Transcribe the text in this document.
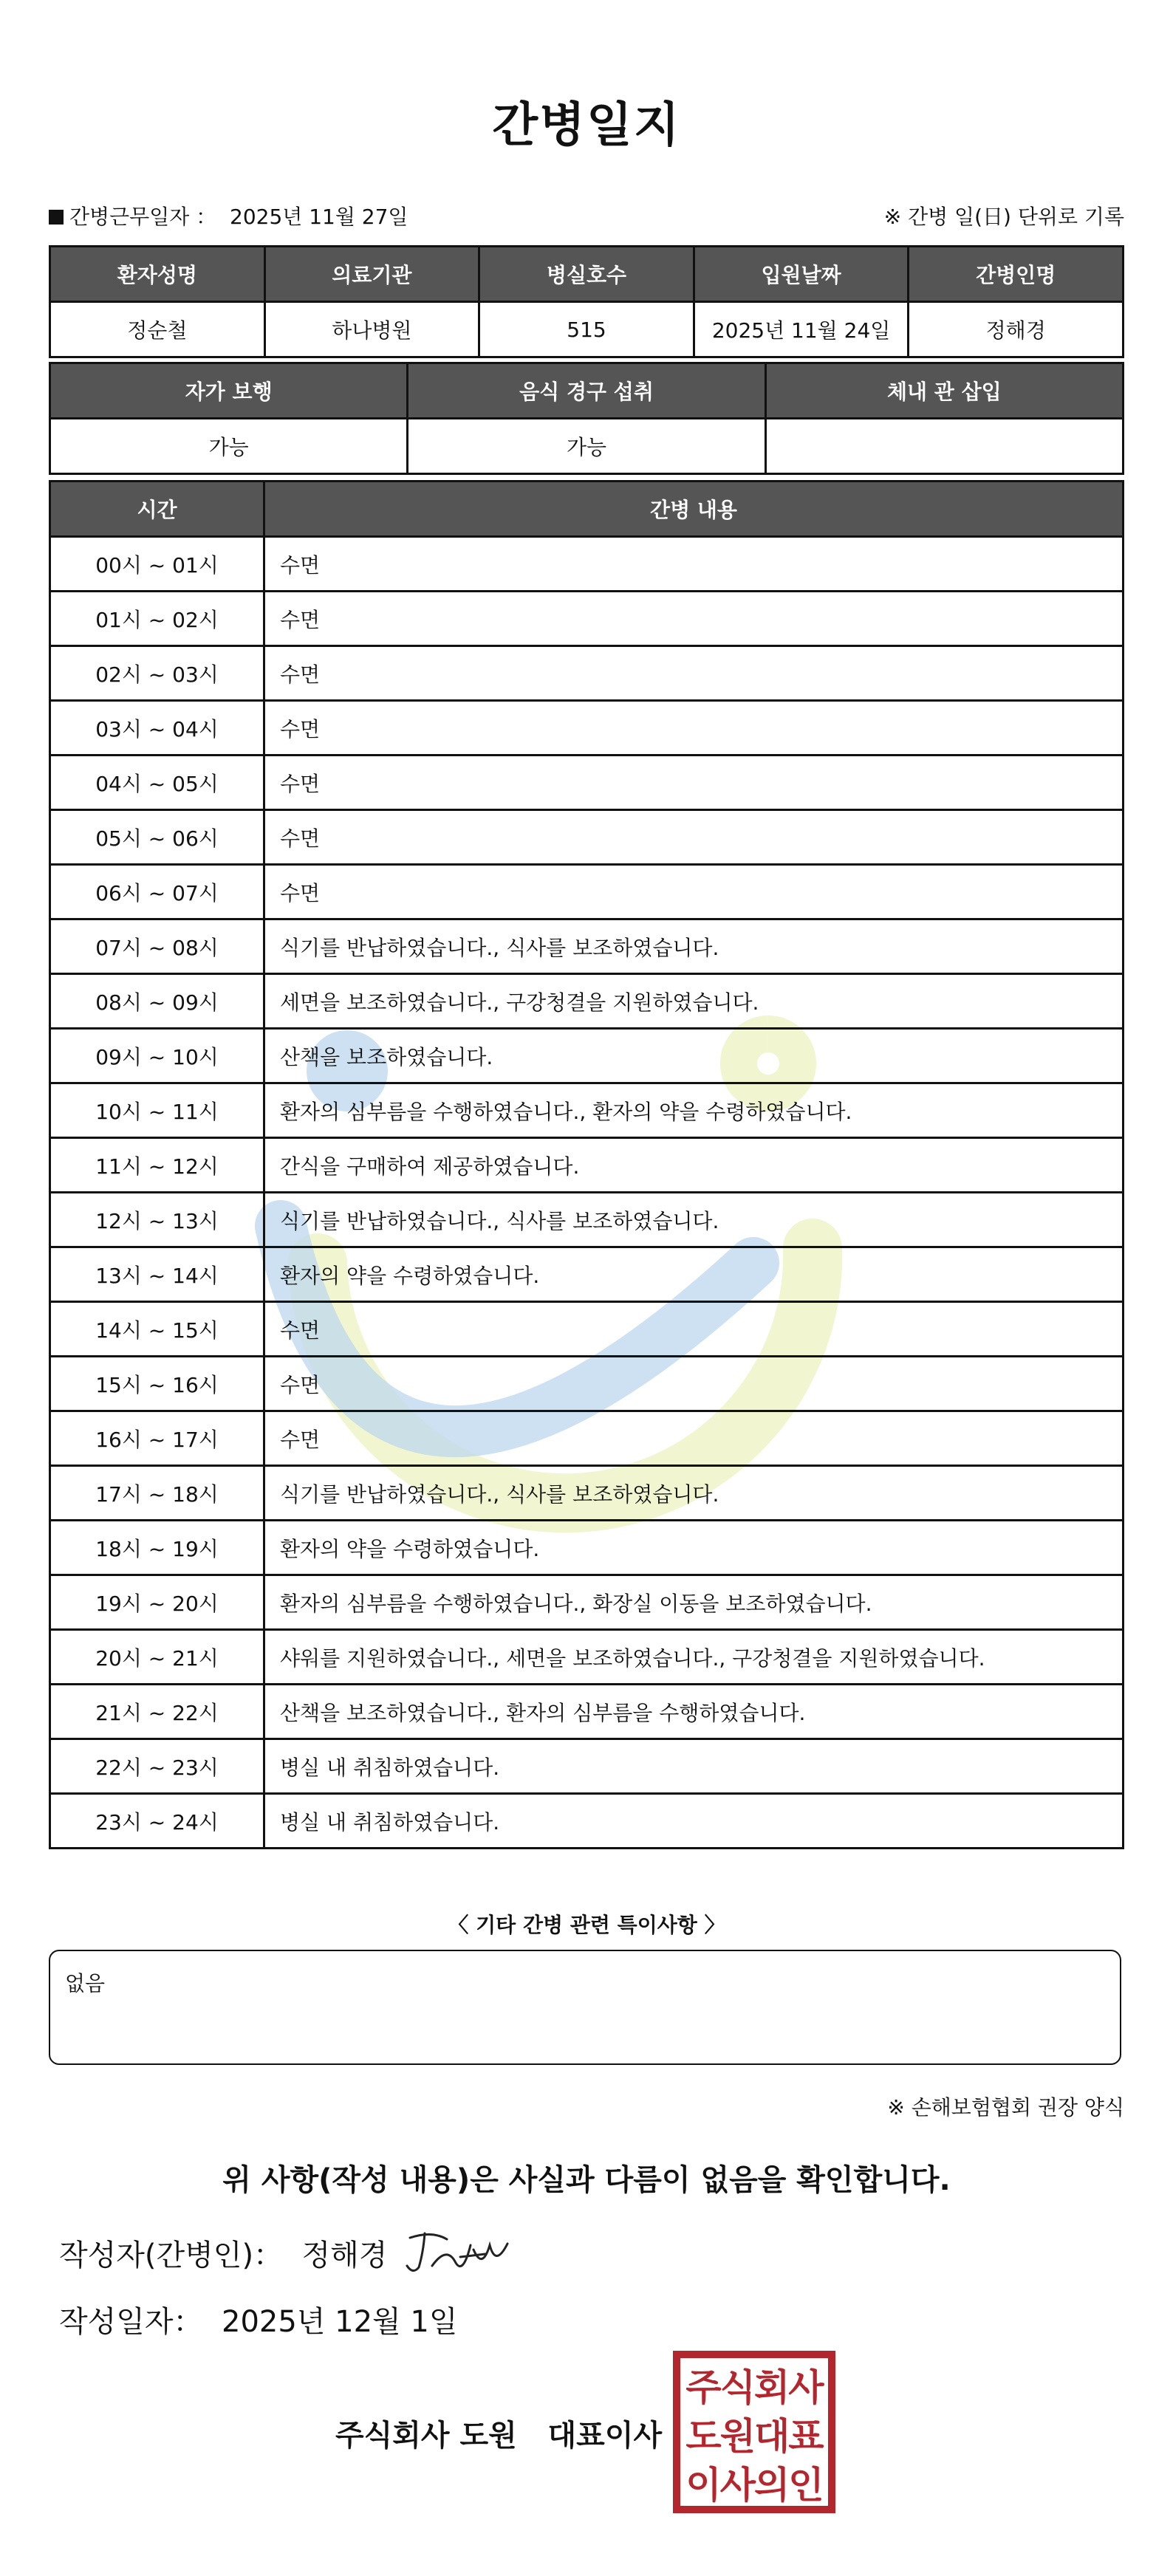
간병일지
간병근무일자 ： 2025년 11월 27일	※ 간병 일(日) 단위로 기록
환자성명	의료기관	병실호수	입원날짜	간병인명
정순철	하나병원	515	2025년 11월 24일	정해경
자가 보행	음식 경구 섭취	체내 관 삽입
가능	가능	
시간	간병 내용
00시 ~ 01시	수면
01시 ~ 02시	수면
02시 ~ 03시	수면
03시 ~ 04시	수면
04시 ~ 05시	수면
05시 ~ 06시	수면
06시 ~ 07시	수면
07시 ~ 08시	식기를 반납하였습니다., 식사를 보조하였습니다.
08시 ~ 09시	세면을 보조하였습니다., 구강청결을 지원하였습니다.
09시 ~ 10시	산책을 보조하였습니다.
10시 ~ 11시	환자의 심부름을 수행하였습니다., 환자의 약을 수령하였습니다.
11시 ~ 12시	간식을 구매하여 제공하였습니다.
12시 ~ 13시	식기를 반납하였습니다., 식사를 보조하였습니다.
13시 ~ 14시	환자의 약을 수령하였습니다.
14시 ~ 15시	수면
15시 ~ 16시	수면
16시 ~ 17시	수면
17시 ~ 18시	식기를 반납하였습니다., 식사를 보조하였습니다.
18시 ~ 19시	환자의 약을 수령하였습니다.
19시 ~ 20시	환자의 심부름을 수행하였습니다., 화장실 이동을 보조하였습니다.
20시 ~ 21시	샤워를 지원하였습니다., 세면을 보조하였습니다., 구강청결을 지원하였습니다.
21시 ~ 22시	산책을 보조하였습니다., 환자의 심부름을 수행하였습니다.
22시 ~ 23시	병실 내 취침하였습니다.
23시 ~ 24시	병실 내 취침하였습니다.
〈 기타 간병 관련 특이사항 〉
없음
※ 손해보험협회 권장 양식
위 사항(작성 내용)은 사실과 다름이 없음을 확인합니다.
작성자(간병인)： 정해경
작성일자： 2025년 12월 1일
주식회사 도원   대표이사
주식회사
도원대표
이사의인
